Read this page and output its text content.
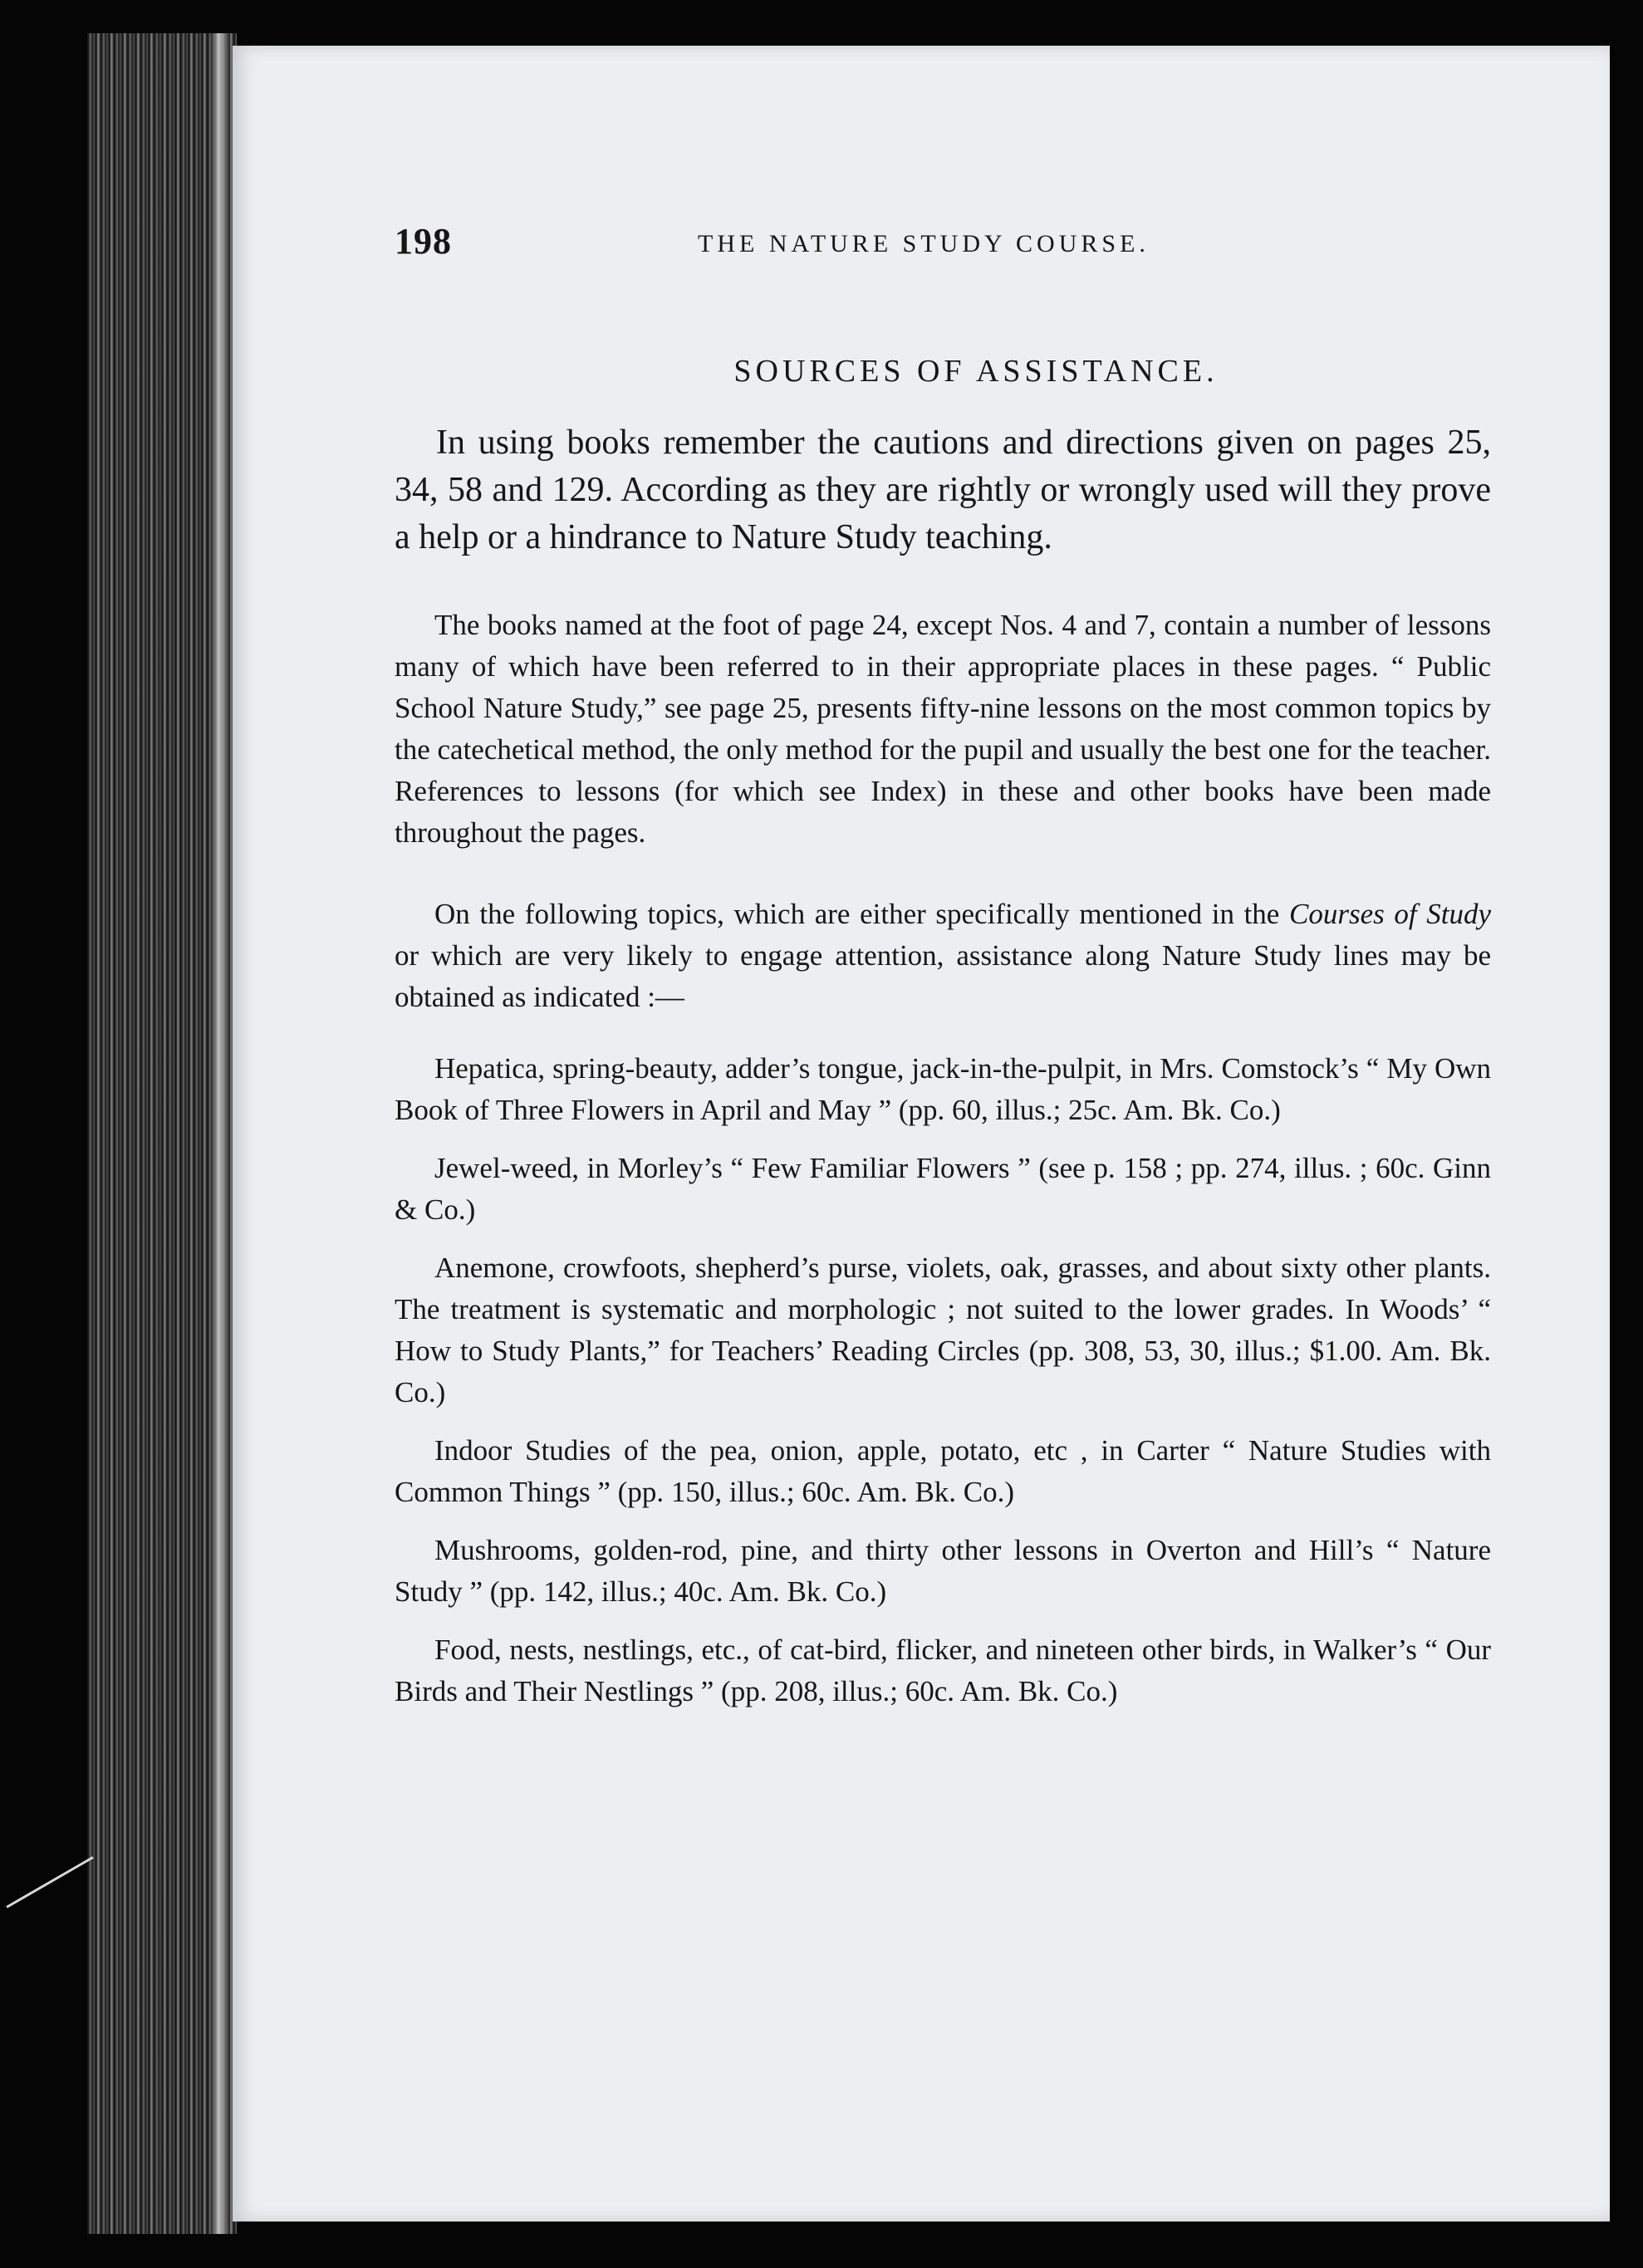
198	THE NATURE STUDY COURSE.
SOURCES OF ASSISTANCE.

In using books remember the cautions and directions given on pages 25, 34, 58 and 129. According as they are rightly or wrongly used will they prove a help or a hindrance to Nature Study teaching.

The books named at the foot of page 24, except Nos. 4 and 7, contain a number of lessons many of which have been referred to in their appropriate places in these pages. “ Public School Nature Study,” see page 25, presents fifty-nine lessons on the most common topics by the catechetical method, the only method for the pupil and usually the best one for the teacher. References to lessons (for which see Index) in these and other books have been made throughout the pages.

On the following topics, which are either specifically mentioned in the Courses of Study or which are very likely to engage attention, assistance along Nature Study lines may be obtained as indicated :—

Hepatica, spring-beauty, adder’s tongue, jack-in-the-pulpit, in Mrs. Comstock’s “ My Own Book of Three Flowers in April and May ” (pp. 60, illus.; 25c. Am. Bk. Co.)

Jewel-weed, in Morley’s “ Few Familiar Flowers ” (see p. 158 ; pp. 274, illus. ; 60c. Ginn & Co.)

Anemone, crowfoots, shepherd’s purse, violets, oak, grasses, and about sixty other plants. The treatment is systematic and morphologic ; not suited to the lower grades. In Woods’ “ How to Study Plants,” for Teachers’ Reading Circles (pp. 308, 53, 30, illus.; $1.00. Am. Bk. Co.)

Indoor Studies of the pea, onion, apple, potato, etc , in Carter “ Nature Studies with Common Things ” (pp. 150, illus.; 60c. Am. Bk. Co.)

Mushrooms, golden-rod, pine, and thirty other lessons in Overton and Hill’s “ Nature Study ” (pp. 142, illus.; 40c. Am. Bk. Co.)

Food, nests, nestlings, etc., of cat-bird, flicker, and nineteen other birds, in Walker’s “ Our Birds and Their Nestlings ” (pp. 208, illus.; 60c. Am. Bk. Co.)
